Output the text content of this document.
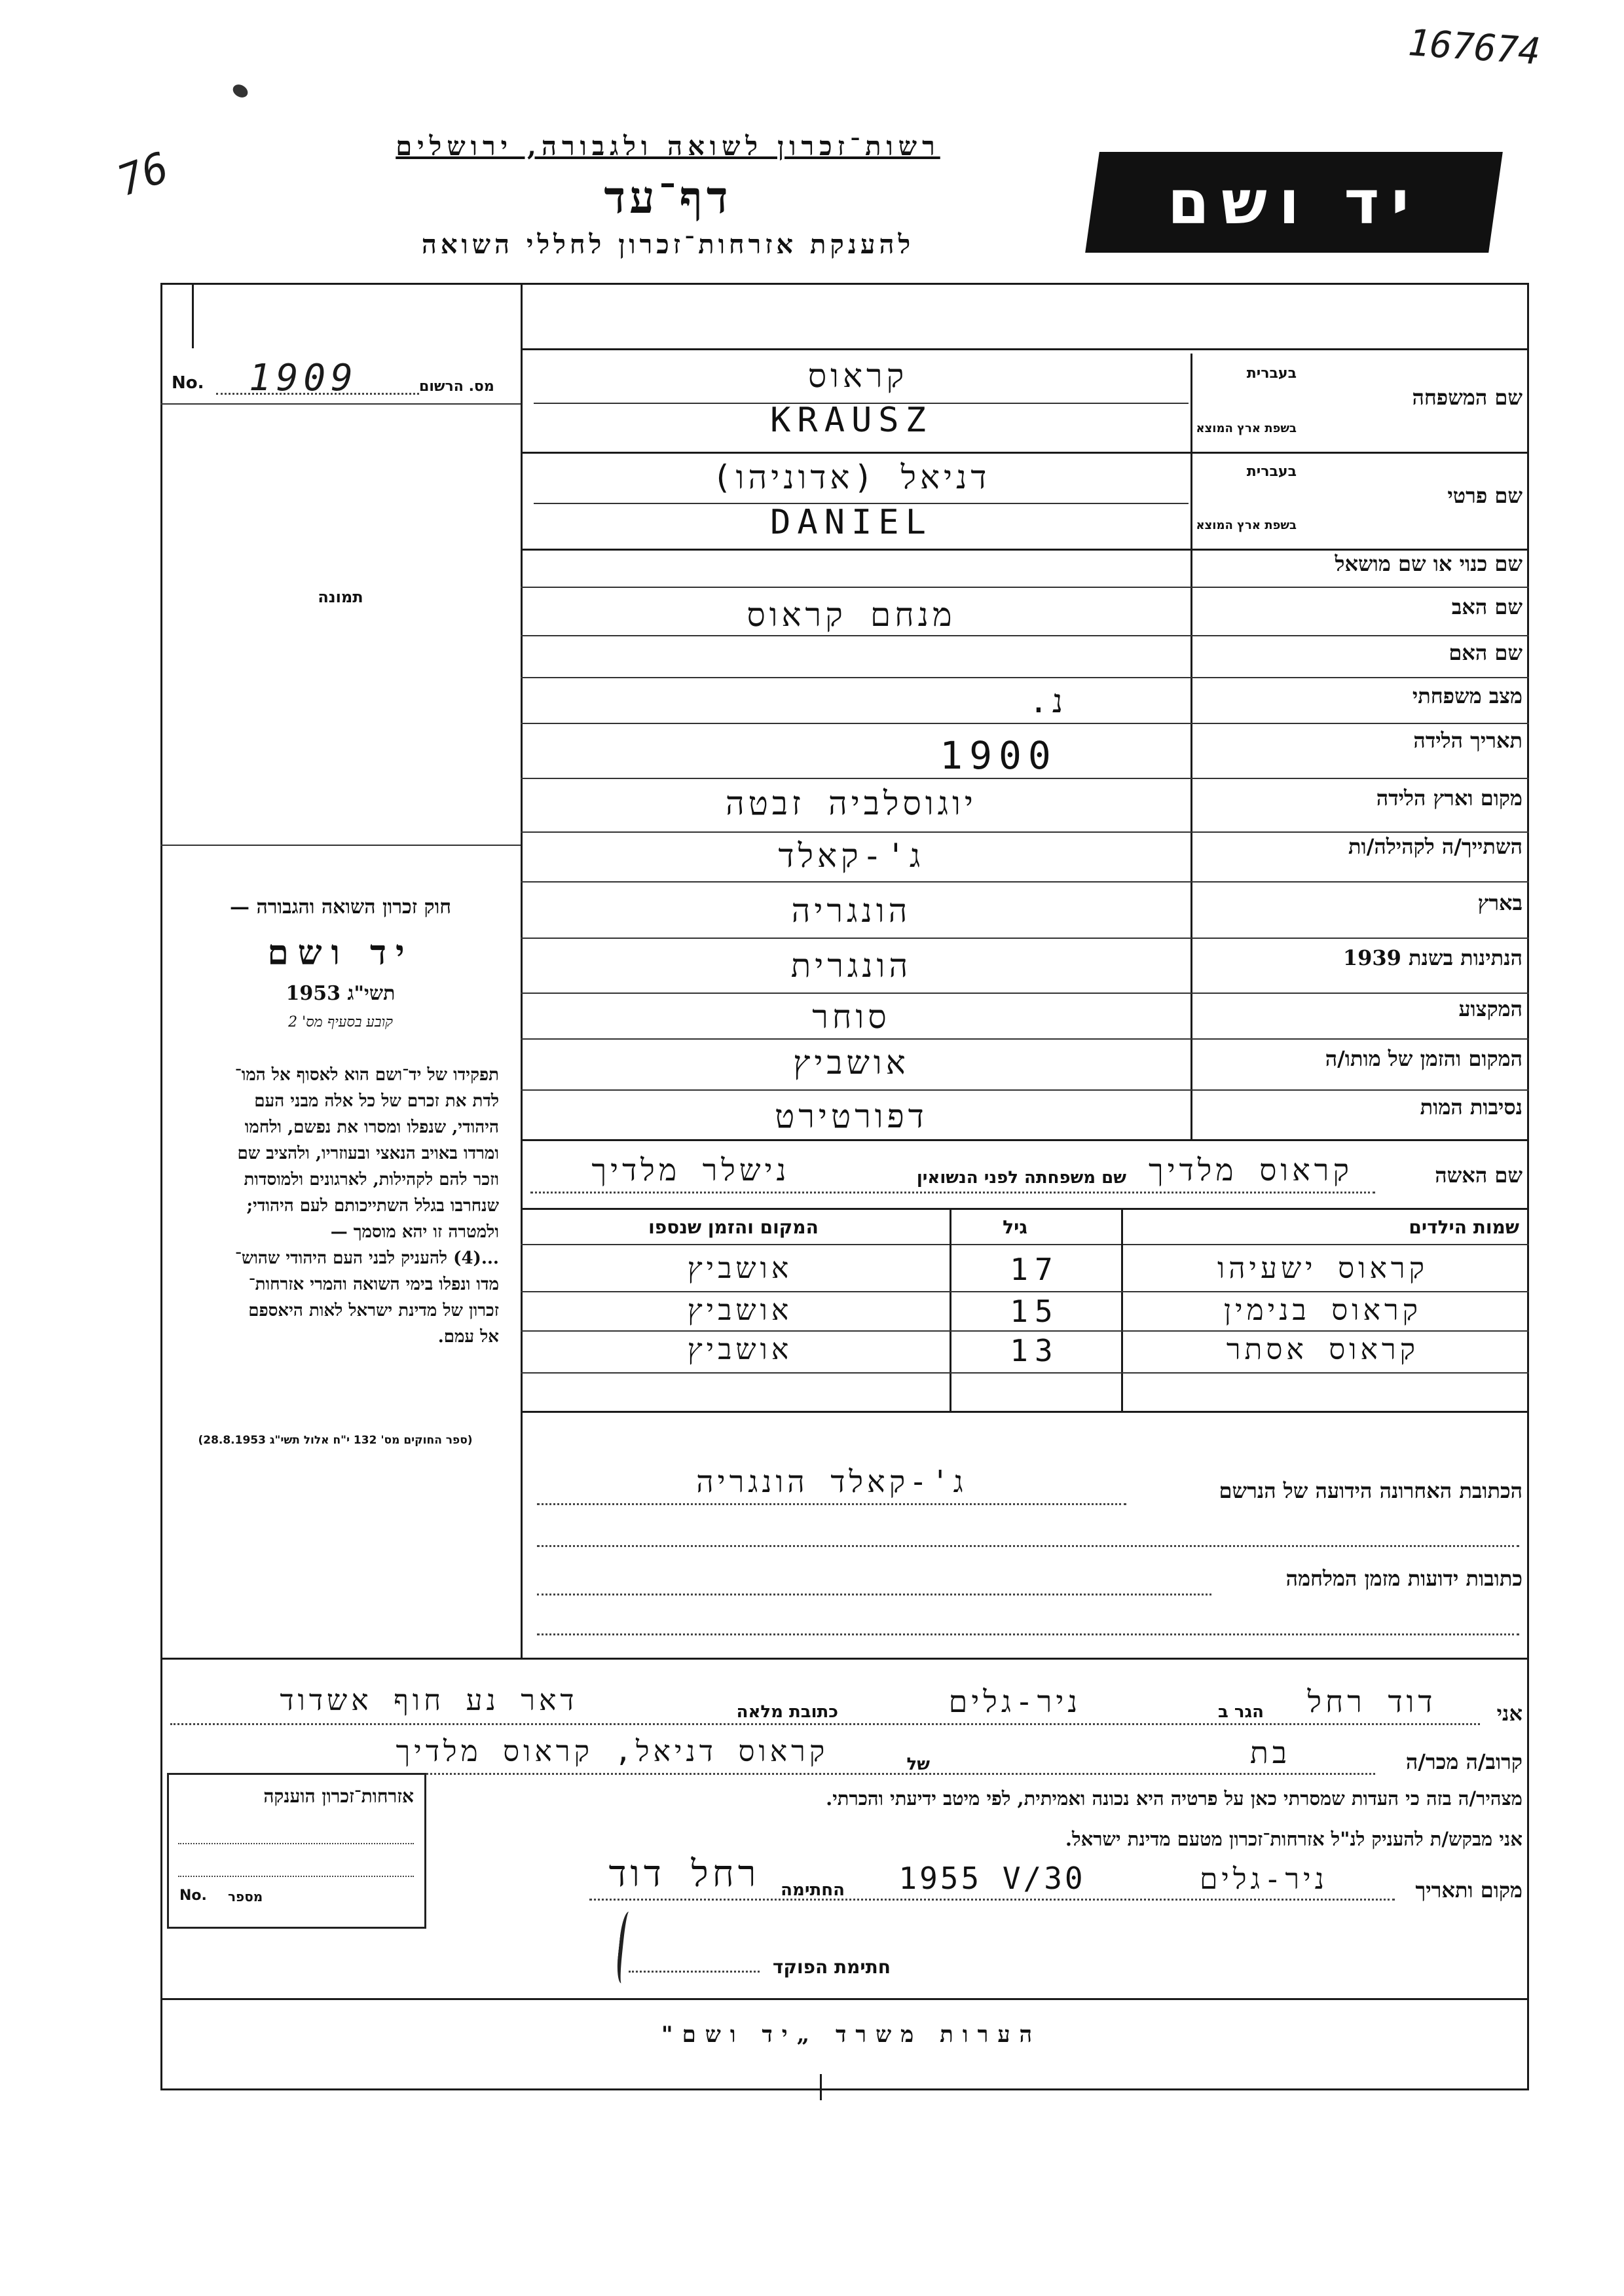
167674
76	רשות־זכרון לשואה ולגבורה, ירושלים
דף־עד
להענקת אזרחות־זכרון לחללי השואה
יד ושם
No. 1909	מס. הרשום
תמונה
חוק זכרון השואה והגבורה —
יד ושם
תשי"ג 1953
קובע בסעיף מס' 2
תפקידו של יד־ושם הוא לאסוף אל המו־
לדת את זכרם של כל אלה מבני העם
היהודי, שנפלו ומסרו את נפשם, ולחמו
ומרדו באויב הנאצי ובעוזריו, ולהציב שם
וזכר להם לקהילות, לארגונים ולמוסדות
שנחרבו בגלל השתייכותם לעם היהודי;
ולמטרה זו יהא מוסמך —
...(4) להעניק לבני העם היהודי שהוש־
מדו ונפלו בימי השואה והמרי אזרחות־
זכרון של מדינת ישראל לאות היאספם
אל עמם.
(ספר החוקים מס' 132 י"ח אלול תשי"ג 28.8.1953)
שם המשפחה
בעברית
בשפת ארץ המוצא
קראוס
KRAUSZ
שם פרטי
בעברית
בשפת ארץ המוצא
דניאל (אדוניהו)
DANIEL
שם כנוי או שם מושאל
שם האב
מנחם קראוס
שם האם
מצב משפחתי
נ.
תאריך הלידה
1900
מקום וארץ הלידה
יוגוסלביה זבטה
השתייך/ה לקהילה/ות
ג'-קאלד
בארץ
הונגריה
הנתינות בשנת 1939
הונגרית
המקצוע
סוחר
המקום והזמן של מותו/ה
אושביץ
נסיבות המות
דפורטירט
שם האשה
קראוס מלדיך
שם משפחתה לפני הנשואין
נישלר מלדיך
שמות הילדים
גיל
המקום והזמן שנספו
קראוס ישעיהו
17
אושביץ
קראוס בנימין
15
אושביץ
קראוס אסתר
13
אושביץ
הכתובת האחרונה הידועה של הנרשם
ג'-קאלד הונגריה
כתובות ידועות מזמן המלחמה
אני
דוד רחל
הגר ב
ניר-גלים
כתובת מלאה
דאר נע חוף אשדוד
קרוב/ה מכר/ה
בת
של
קראוס דניאל, קראוס מלדיך
מצהיר/ה בזה כי העדות שמסרתי כאן על פרטיה היא נכונה ואמיתית, לפי מיטב ידיעתי והכרתי.
אני מבקש/ת להעניק לנ"ל אזרחות־זכרון מטעם מדינת ישראל.
מקום ותאריך
ניר-גלים
1955 V/30
החתימה
רחל דוד
חתימת הפוקד
אזרחות־זכרון הוענקה
No. מספר
הערות משרד „יד ושם"
